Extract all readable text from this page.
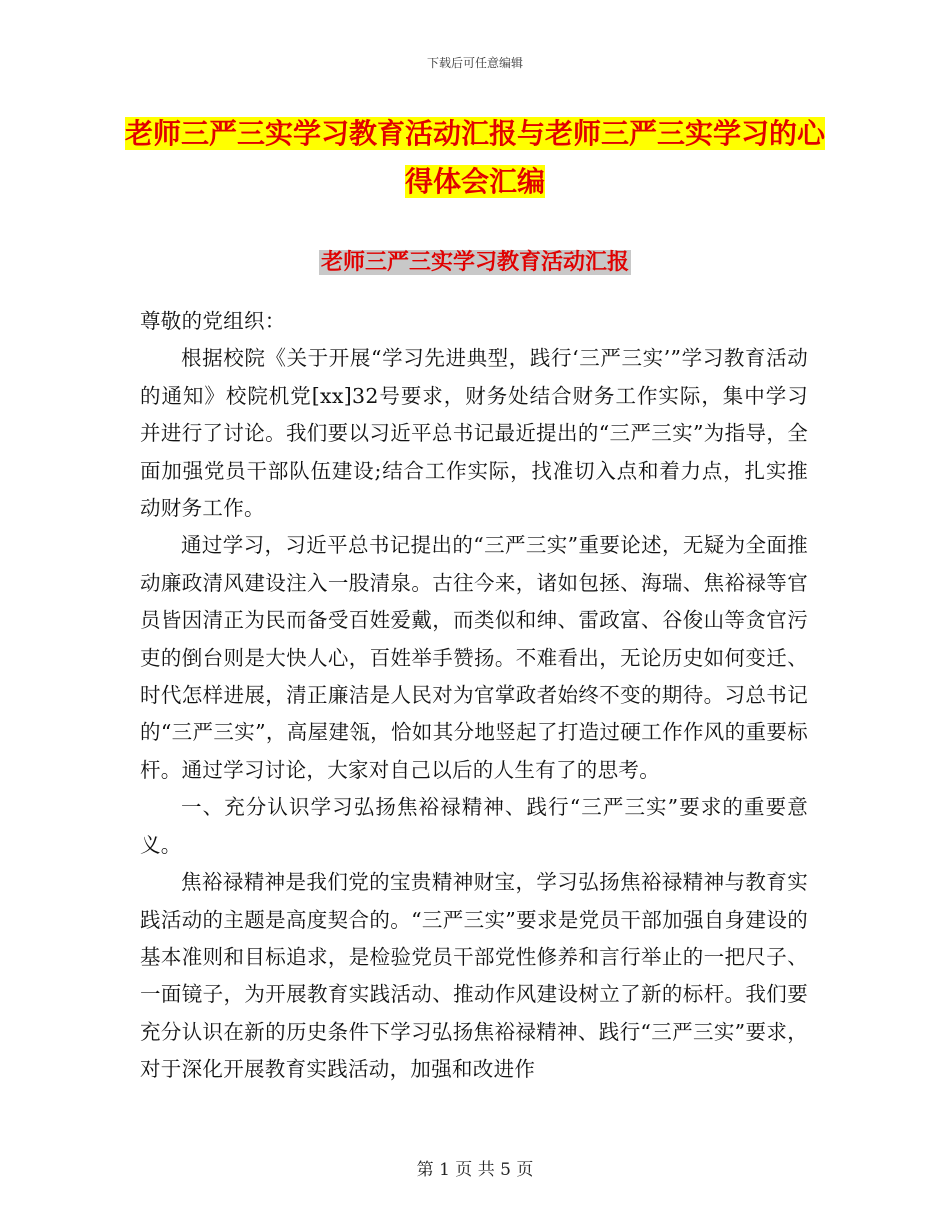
下载后可任意编辑
老师三严三实学习教育活动汇报与老师三严三实学习的心得体会汇编
老师三严三实学习教育活动汇报

尊敬的党组织：

根据校院《关于开展“学习先进典型，践行‘三严三实’”学习教育活动的通知》校院机党[xx]32号要求，财务处结合财务工作实际，集中学习并进行了讨论。我们要以习近平总书记最近提出的“三严三实”为指导，全面加强党员干部队伍建设;结合工作实际，找准切入点和着力点，扎实推动财务工作。

通过学习，习近平总书记提出的“三严三实”重要论述，无疑为全面推动廉政清风建设注入一股清泉。古往今来，诸如包拯、海瑞、焦裕禄等官员皆因清正为民而备受百姓爱戴，而类似和绅、雷政富、谷俊山等贪官污吏的倒台则是大快人心，百姓举手赞扬。不难看出，无论历史如何变迁、时代怎样进展，清正廉洁是人民对为官掌政者始终不变的期待。习总书记的“三严三实”，高屋建瓴，恰如其分地竖起了打造过硬工作作风的重要标杆。通过学习讨论，大家对自己以后的人生有了的思考。

一、充分认识学习弘扬焦裕禄精神、践行“三严三实”要求的重要意义。

焦裕禄精神是我们党的宝贵精神财宝，学习弘扬焦裕禄精神与教育实践活动的主题是高度契合的。“三严三实”要求是党员干部加强自身建设的基本准则和目标追求，是检验党员干部党性修养和言行举止的一把尺子、一面镜子，为开展教育实践活动、推动作风建设树立了新的标杆。我们要充分认识在新的历史条件下学习弘扬焦裕禄精神、践行“三严三实”要求，对于深化开展教育实践活动，加强和改进作

第 1 页 共 5 页
